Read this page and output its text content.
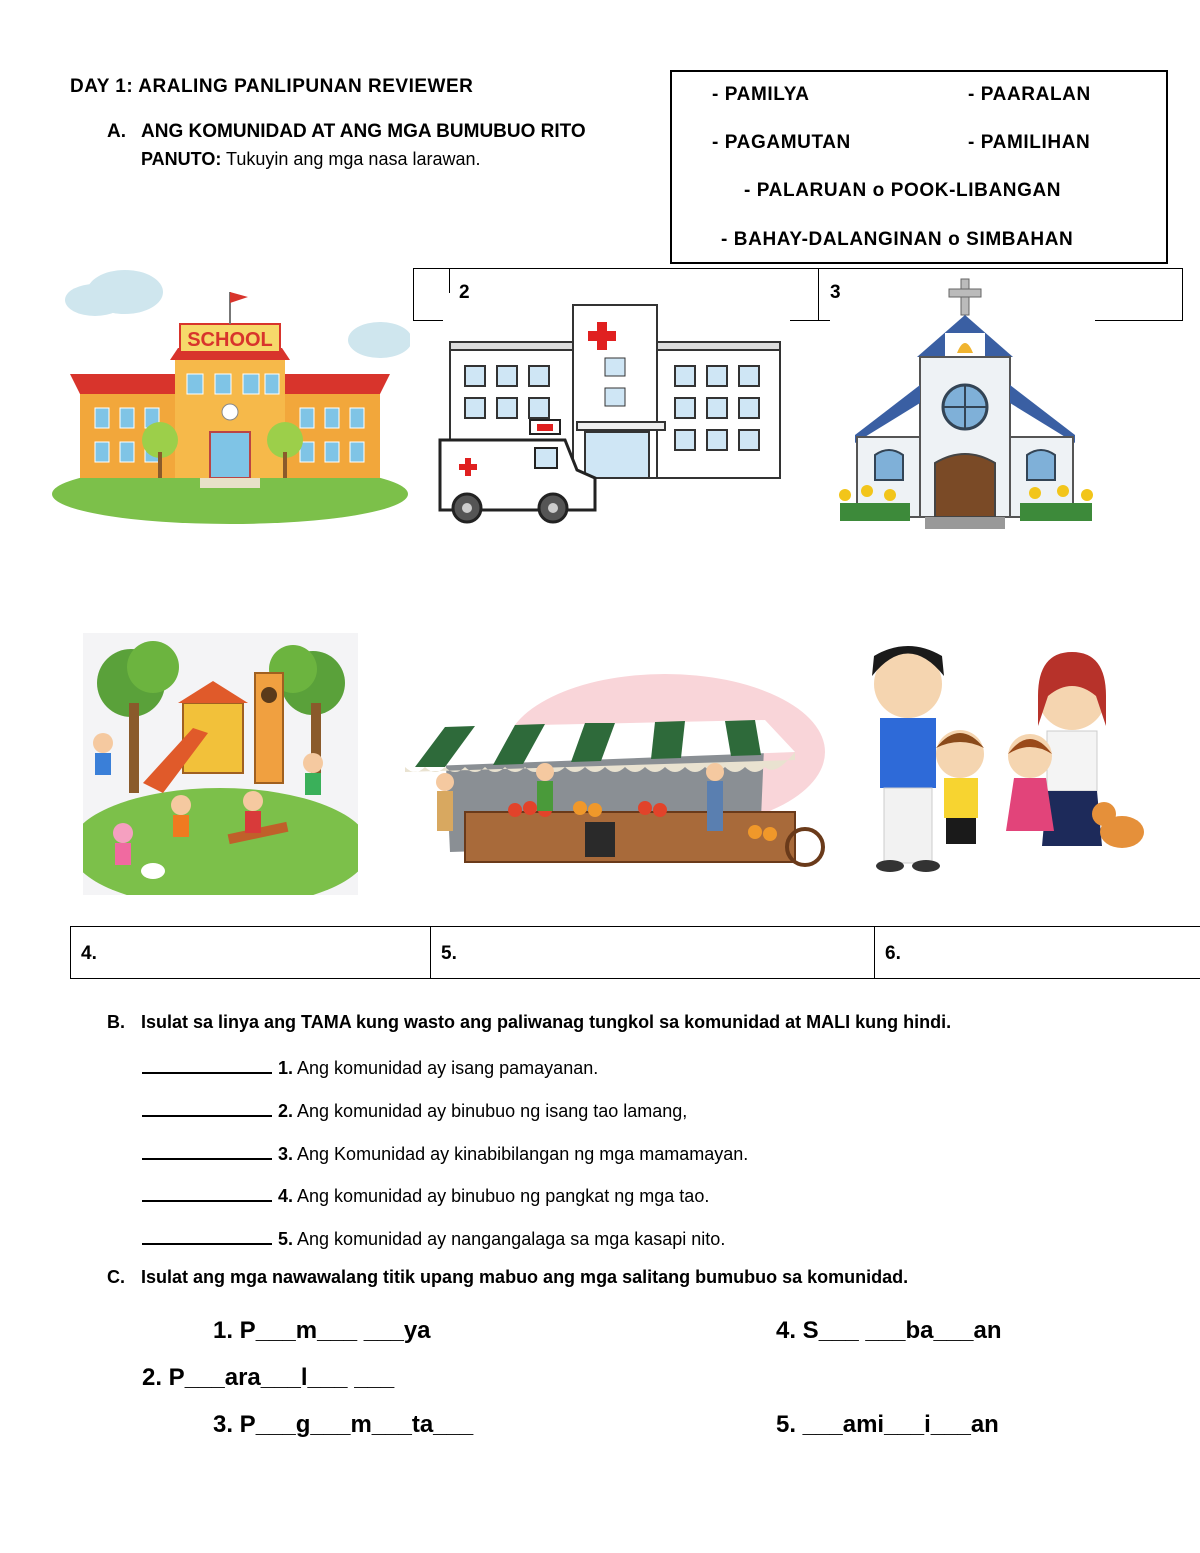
DAY 1: ARALING PANLIPUNAN REVIEWER
A. ANG KOMUNIDAD AT ANG MGA BUMUBUO RITO
PANUTO: Tukuyin ang mga nasa larawan.
- PAMILYA	- PAARALAN
- PAGAMUTAN	- PAMILIHAN
- PALARUAN o POOK-LIBANGAN
- BAHAY-DALANGINAN o SIMBAHAN
2	3
SCHOOL
4.	5.	6.
B. Isulat sa linya ang TAMA kung wasto ang paliwanag tungkol sa komunidad at MALI kung hindi.
1. Ang komunidad ay isang pamayanan.
2. Ang komunidad ay binubuo ng isang tao lamang,
3. Ang Komunidad ay kinabibilangan ng mga mamamayan.
4. Ang komunidad ay binubuo ng pangkat ng mga tao.
5. Ang komunidad ay nangangalaga sa mga kasapi nito.
C. Isulat ang mga nawawalang titik upang mabuo ang mga salitang bumubuo sa komunidad.
1. P___m___ ___ya	4. S___ ___ba___an
2. P___ara___l___ ___
3. P___g___m___ta___	5. ___ami___i___an
